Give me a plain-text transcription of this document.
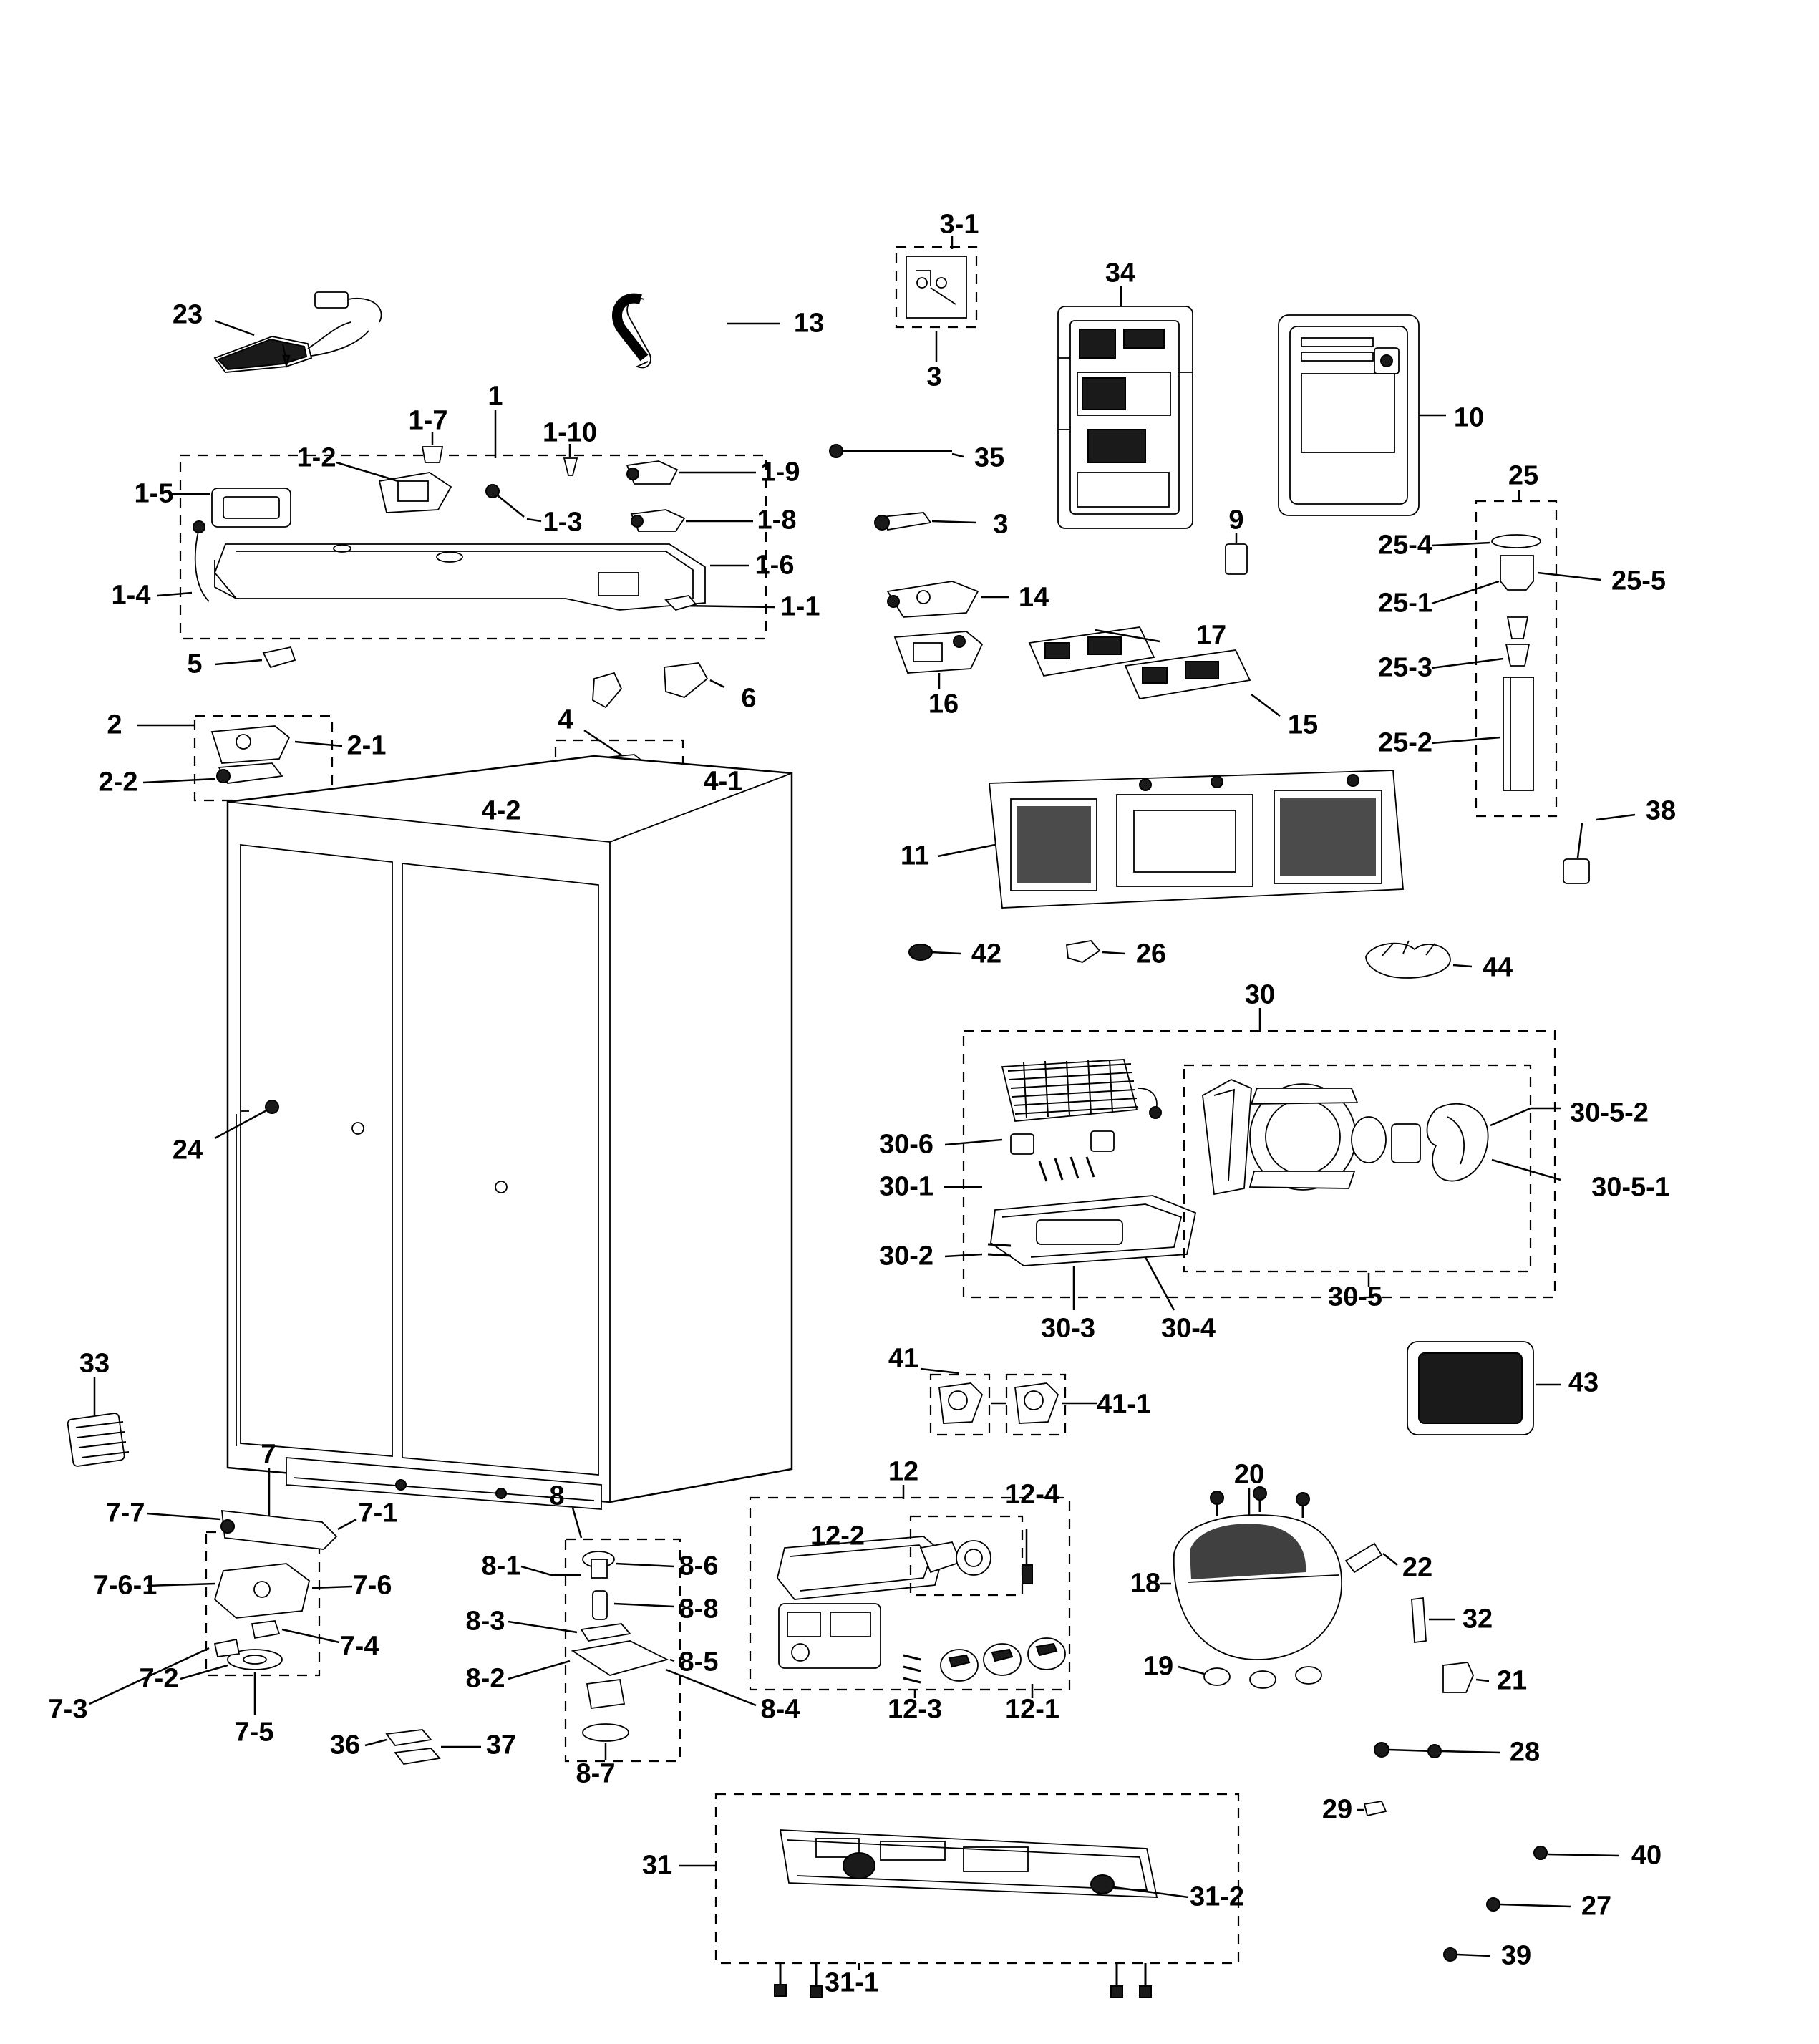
23	13
3-1
3
34
10
1
1-7	1-10
1-2	1-9	35
1-5
1-3	1-8	3	9
25
1-6
25-4
25-5
25-1
1-4	1-1	14
25-3
5
17
16
6
15
25-2
2	4
2-1
2-2	4-1
4-2	38
11
42	26	44
30
30-6
30-1
30-5-2
30-5-1
24
30-2
30-5
30-3 30-4
33	41
43
41-1
7
8
12
12-4
20
7-7	7-1
12-2
8-1	8-6
18
22
7-6-1	7-6
8-3	8-8	32
7-4
8-5	19
8-2
7-2	21
7-3	8-4	12-3 12-1
7-5 36	37	28
8-7
29
31	40
27
31-2
39
31-1
